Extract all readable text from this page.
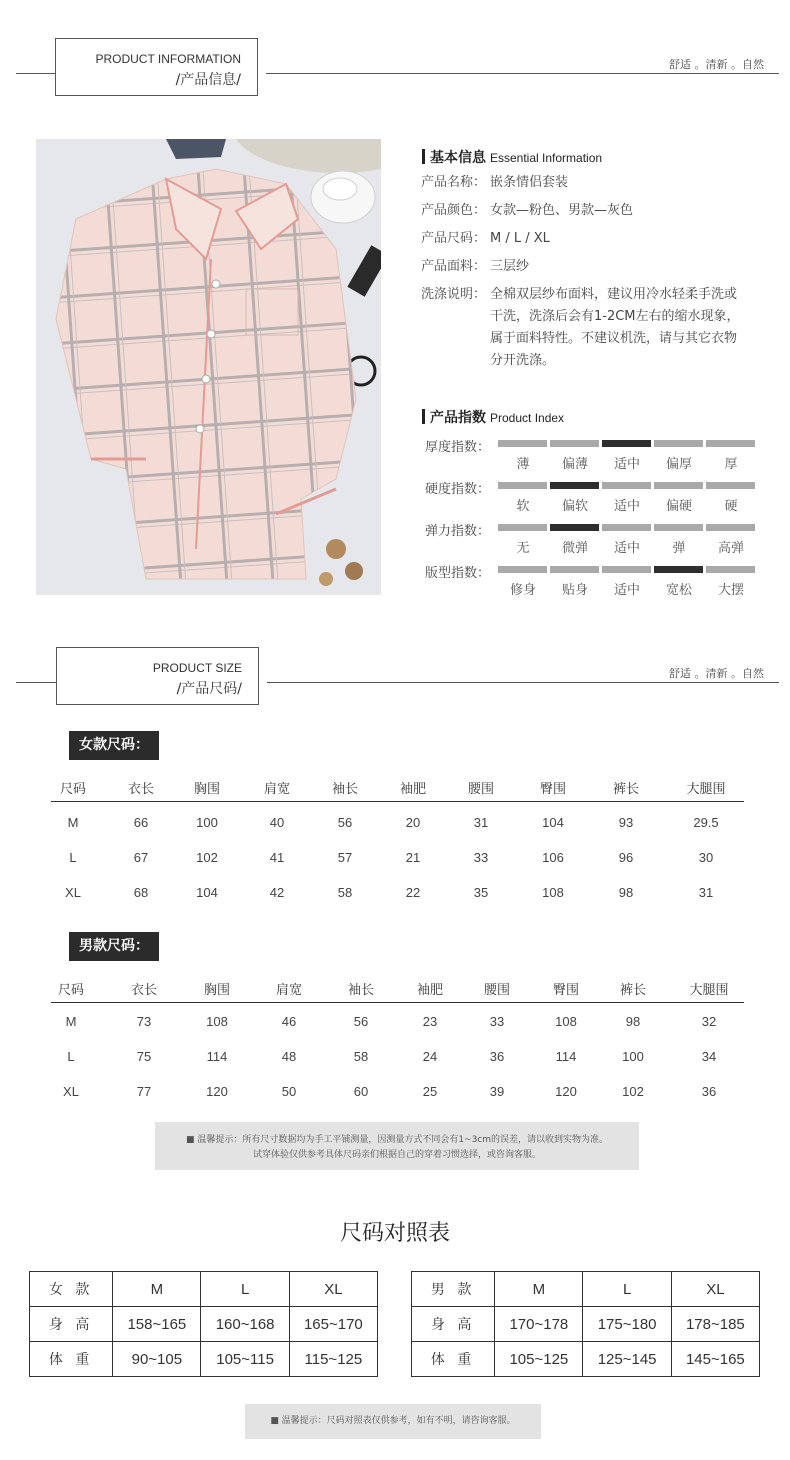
PRODUCT INFORMATION
/产品信息/
舒适 。清新 。自然
基本信息 Essential Information
产品名称： 嵌条情侣套装
产品颜色： 女款—粉色、男款—灰色
产品尺码： M / L / XL
产品面料： 三层纱
洗涤说明： 全棉双层纱布面料，建议用冷水轻柔手洗或
干洗，洗涤后会有1-2CM左右的缩水现象，
属于面料特性。不建议机洗，请与其它衣物
分开洗涤。
产品指数 Product Index
厚度指数：
薄	偏薄	适中	偏厚	厚
硬度指数：
软	偏软	适中	偏硬	硬
弹力指数：
无	微弹	适中	弹	高弹
版型指数：
修身	贴身	适中	宽松	大摆
PRODUCT SIZE
/产品尺码/
舒适 。清新 。自然
女款尺码：
尺码	衣长	胸围	肩宽	袖长	袖肥	腰围	臀围	裤长	大腿围
M	66	100	40	56	20	31	104	93	29.5
L	67	102	41	57	21	33	106	96	30
XL	68	104	42	58	22	35	108	98	31
男款尺码：
尺码	衣长	胸围	肩宽	袖长	袖肥	腰围	臀围	裤长	大腿围
M	73	108	46	56	23	33	108	98	32
L	75	114	48	58	24	36	114	100	34
XL	77	120	50	60	25	39	120	102	36
■ 温馨提示：所有尺寸数据均为手工平铺测量，因测量方式不同会有1~3cm的误差，请以收到实物为准。
试穿体验仅供参考具体尺码亲们根据自己的穿着习惯选择，或咨询客服。
尺码对照表
女 款	M	L	XL
身 高	158~165	160~168	165~170
体 重	90~105	105~115	115~125
男 款	M	L	XL
身 高	170~178	175~180	178~185
体 重	105~125	125~145	145~165
■ 温馨提示：尺码对照表仅供参考，如有不明，请咨询客服。
